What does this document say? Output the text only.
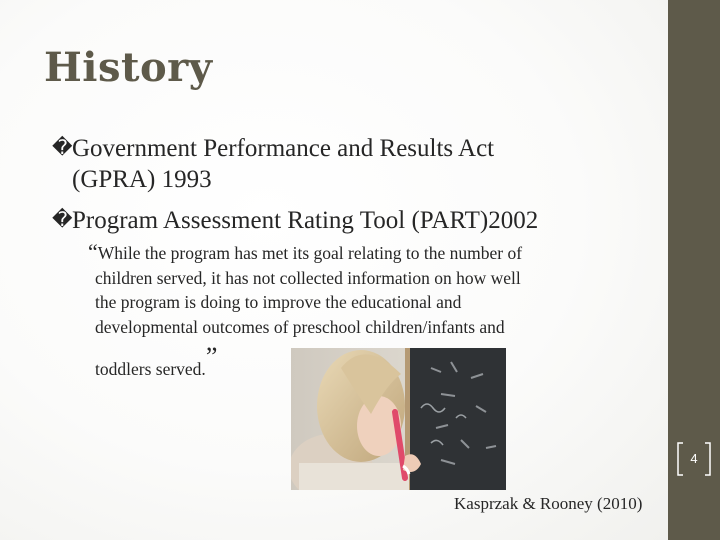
History
�Government Performance and Results Act
(GPRA) 1993
�Program Assessment Rating Tool (PART)2002
“While the program has met its goal relating to the number of
children served, it has not collected information on how well
the program is doing to improve the educational and
developmental outcomes of preschool children/infants and
toddlers served.”
Kasprzak & Rooney (2010)
4
